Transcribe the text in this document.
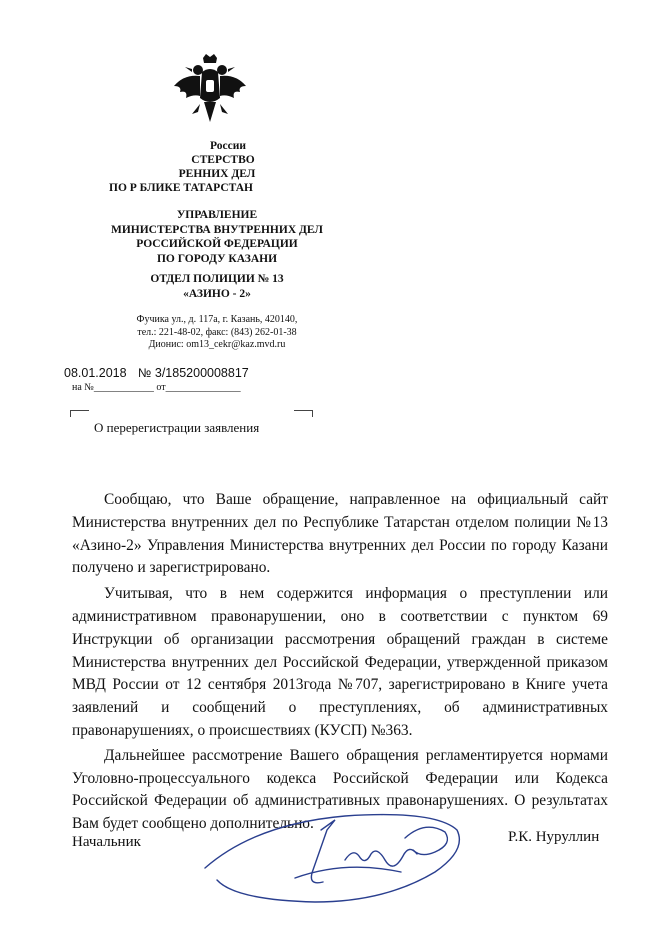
России
СТЕРСТВО
РЕННИХ ДЕЛ
ПО Р БЛИКЕ ТАТАРСТАН
УПРАВЛЕНИЕ
МИНИСТЕРСТВА ВНУТРЕННИХ ДЕЛ
РОССИЙСКОЙ ФЕДЕРАЦИИ
ПО ГОРОДУ КАЗАНИ
ОТДЕЛ ПОЛИЦИИ № 13
«АЗИНО - 2»
Фучика ул., д. 117а, г. Казань, 420140,
тел.: 221-48-02, факс: (843) 262-01-38
Дионис: om13_cekr@kaz.mvd.ru
08.01.2018 № 3/185200008817
на №____________ от_______________
О перерегистрации заявления

Сообщаю, что Ваше обращение, направленное на официальный сайт Министерства внутренних дел по Республике Татарстан отделом полиции №13 «Азино-2» Управления Министерства внутренних дел России по городу Казани получено и зарегистрировано.

Учитывая, что в нем содержится информация о преступлении или административном правонарушении, оно в соответствии с пунктом 69 Инструкции об организации рассмотрения обращений граждан в системе Министерства внутренних дел Российской Федерации, утвержденной приказом МВД России от 12 сентября 2013года №707, зарегистрировано в Книге учета заявлений и сообщений о преступлениях, об административных правонарушениях, о происшествиях (КУСП) №363.

Дальнейшее рассмотрение Вашего обращения регламентируется нормами Уголовно-процессуального кодекса Российской Федерации или Кодекса Российской Федерации об административных правонарушениях. О результатах Вам будет сообщено дополнительно.

Начальник	Р.К. Нуруллин
